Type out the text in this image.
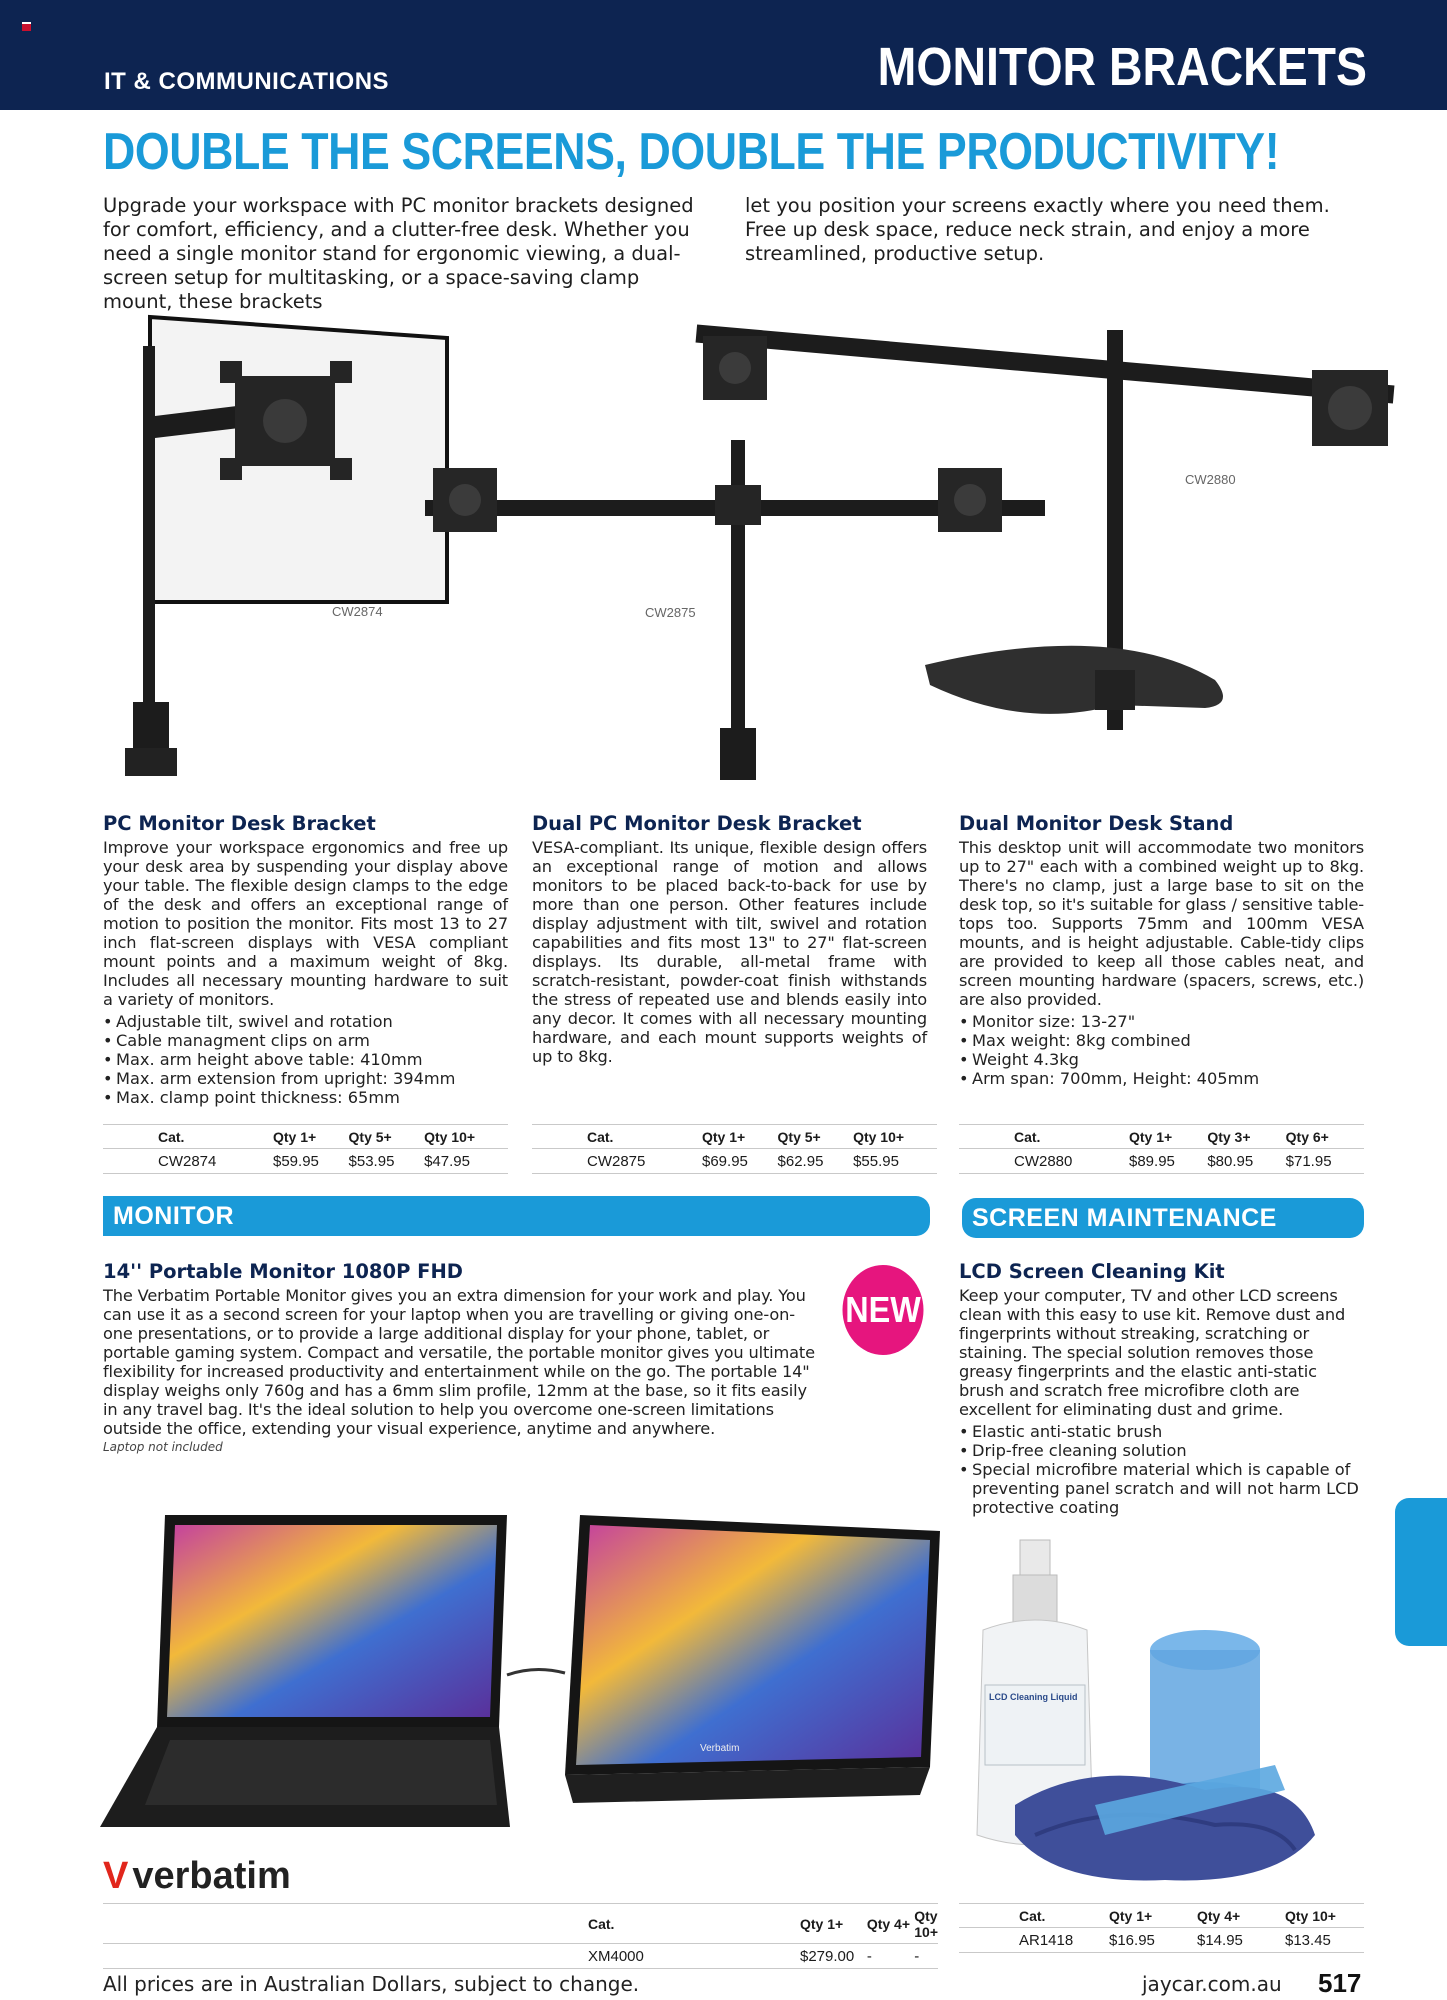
IT & COMMUNICATIONS	MONITOR BRACKETS
DOUBLE THE SCREENS, DOUBLE THE PRODUCTIVITY!
Upgrade your workspace with PC monitor brackets designed for comfort, efficiency, and a clutter-free desk. Whether you need a single monitor stand for ergonomic viewing, a dual-screen setup for multitasking, or a space-saving clamp mount, these brackets
let you position your screens exactly where you need them. Free up desk space, reduce neck strain, and enjoy a more streamlined, productive setup.
CW2874	CW2875
CW2880
PC Monitor Desk Bracket
Improve your workspace ergonomics and free up your desk area by suspending your display above your table. The flexible design clamps to the edge of the desk and offers an exceptional range of motion to position the monitor. Fits most 13 to 27 inch flat-screen displays with VESA compliant mount points and a maximum weight of 8kg. Includes all necessary mounting hardware to suit a variety of monitors.
• Adjustable tilt, swivel and rotation
• Cable managment clips on arm
• Max. arm height above table: 410mm
• Max. arm extension from upright: 394mm
• Max. clamp point thickness: 65mm
Cat.	Qty 1+	Qty 5+	Qty 10+
CW2874	$59.95	$53.95	$47.95
Dual PC Monitor Desk Bracket
VESA-compliant. Its unique, flexible design offers an exceptional range of motion and allows monitors to be placed back-to-back for use by more than one person. Other features include display adjustment with tilt, swivel and rotation capabilities and fits most 13" to 27" flat-screen displays. Its durable, all-metal frame with scratch-resistant, powder-coat finish withstands the stress of repeated use and blends easily into any decor. It comes with all necessary mounting hardware, and each mount supports weights of up to 8kg.
Cat.	Qty 1+	Qty 5+	Qty 10+
CW2875	$69.95	$62.95	$55.95
Dual Monitor Desk Stand
This desktop unit will accommodate two monitors up to 27" each with a combined weight up to 8kg. There's no clamp, just a large base to sit on the desk top, so it's suitable for glass / sensitive table-tops too. Supports 75mm and 100mm VESA mounts, and is height adjustable. Cable-tidy clips are provided to keep all those cables neat, and screen mounting hardware (spacers, screws, etc.) are also provided.
• Monitor size: 13-27"
• Max weight: 8kg combined
• Weight 4.3kg
• Arm span: 700mm, Height: 405mm
Cat.	Qty 1+	Qty 3+	Qty 6+
CW2880	$89.95	$80.95	$71.95
MONITOR	SCREEN MAINTENANCE
14'' Portable Monitor 1080P FHD
The Verbatim Portable Monitor gives you an extra dimension for your work and play. You can use it as a second screen for your laptop when you are travelling or giving one-on-one presentations, or to provide a large additional display for your phone, tablet, or portable gaming system. Compact and versatile, the portable monitor gives you ultimate flexibility for increased productivity and entertainment while on the go. The portable 14" display weighs only 760g and has a 6mm slim profile, 12mm at the base, so it fits easily in any travel bag. It's the ideal solution to help you overcome one-screen limitations outside the office, extending your visual experience, anytime and anywhere.
Laptop not included
NEW
Verbatim
V verbatim
Cat.	Qty 1+	Qty 4+	Qty 10+
XM4000	$279.00	-	-
LCD Screen Cleaning Kit
Keep your computer, TV and other LCD screens clean with this easy to use kit. Remove dust and fingerprints without streaking, scratching or staining. The special solution removes those greasy fingerprints and the elastic anti-static brush and scratch free microfibre cloth are excellent for eliminating dust and grime.
• Elastic anti-static brush
• Drip-free cleaning solution
• Special microfibre material which is capable of preventing panel scratch and will not harm LCD protective coating
LCD Cleaning Liquid
Cat.	Qty 1+	Qty 4+	Qty 10+
AR1418	$16.95	$14.95	$13.45
All prices are in Australian Dollars, subject to change.	jaycar.com.au 517
